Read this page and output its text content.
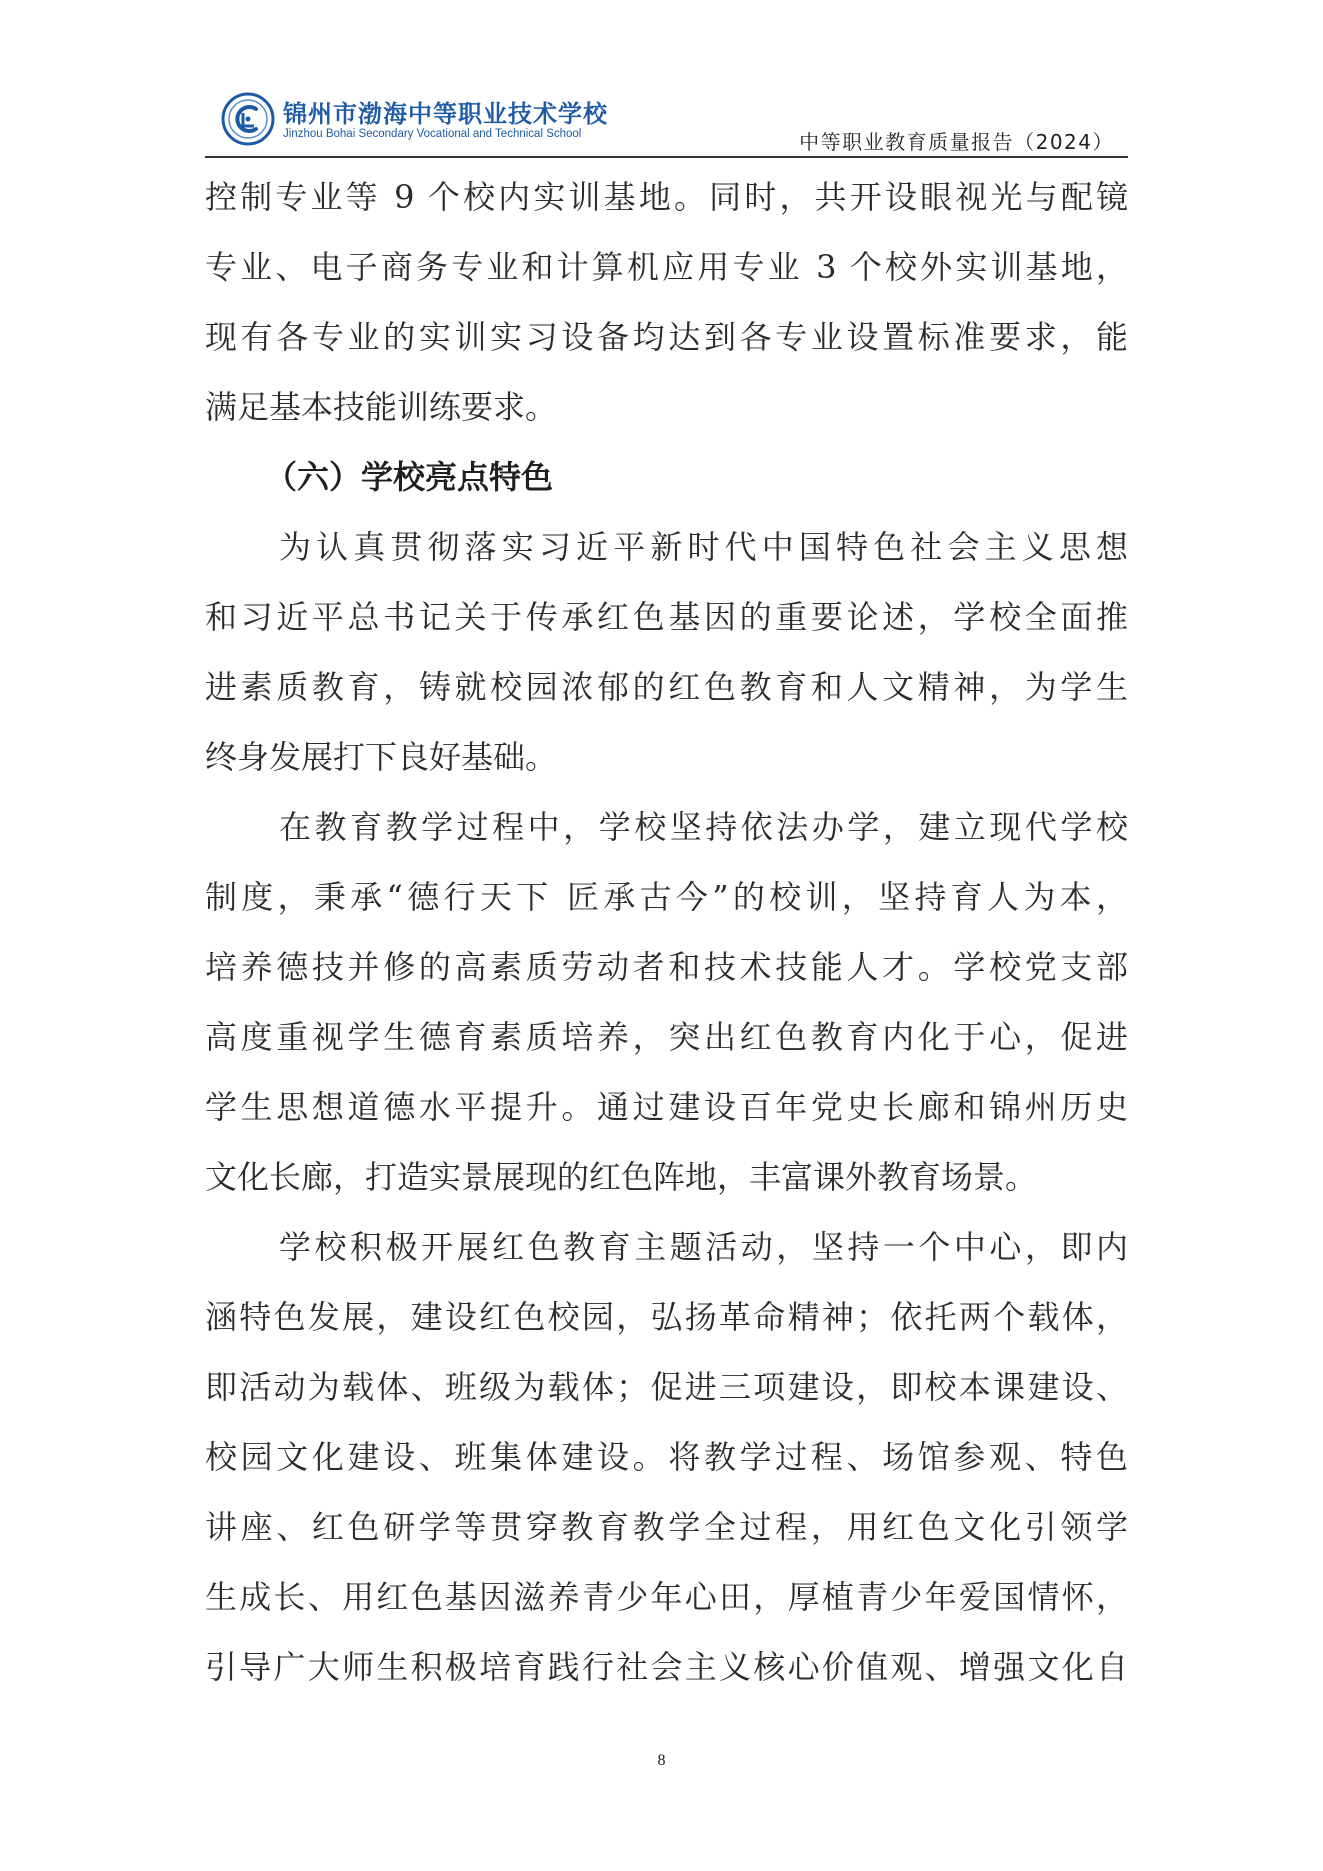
锦州市渤海中等职业技术学校
Jinzhou Bohai Secondary Vocational and Technical School	中等职业教育质量报告（2024）
控制专业等 9 个校内实训基地。同时，共开设眼视光与配镜
专业、电子商务专业和计算机应用专业 3 个校外实训基地，
现有各专业的实训实习设备均达到各专业设置标准要求，能
满足基本技能训练要求。
（六）学校亮点特色
为认真贯彻落实习近平新时代中国特色社会主义思想
和习近平总书记关于传承红色基因的重要论述，学校全面推
进素质教育，铸就校园浓郁的红色教育和人文精神，为学生
终身发展打下良好基础。
在教育教学过程中，学校坚持依法办学，建立现代学校
制度，秉承“德行天下 匠承古今”的校训，坚持育人为本，
培养德技并修的高素质劳动者和技术技能人才。学校党支部
高度重视学生德育素质培养，突出红色教育内化于心，促进
学生思想道德水平提升。通过建设百年党史长廊和锦州历史
文化长廊，打造实景展现的红色阵地，丰富课外教育场景。
学校积极开展红色教育主题活动，坚持一个中心，即内
涵特色发展，建设红色校园，弘扬革命精神；依托两个载体，
即活动为载体、班级为载体；促进三项建设，即校本课建设、
校园文化建设、班集体建设。将教学过程、场馆参观、特色
讲座、红色研学等贯穿教育教学全过程，用红色文化引领学
生成长、用红色基因滋养青少年心田，厚植青少年爱国情怀，
引导广大师生积极培育践行社会主义核心价值观、增强文化自
8
